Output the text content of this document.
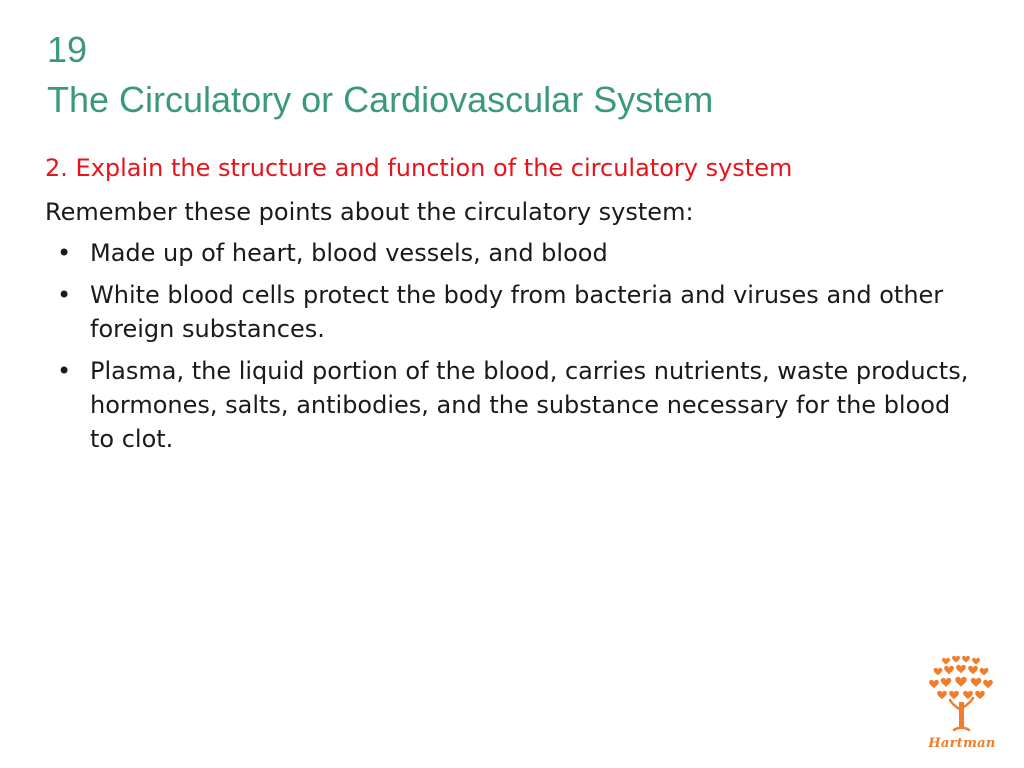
19
The Circulatory or Cardiovascular System
2. Explain the structure and function of the circulatory system
Remember these points about the circulatory system:
• Made up of heart, blood vessels, and blood
• White blood cells protect the body from bacteria and viruses and other foreign substances.
• Plasma, the liquid portion of the blood, carries nutrients, waste products, hormones, salts, antibodies, and the substance necessary for the blood to clot.
Hartman
